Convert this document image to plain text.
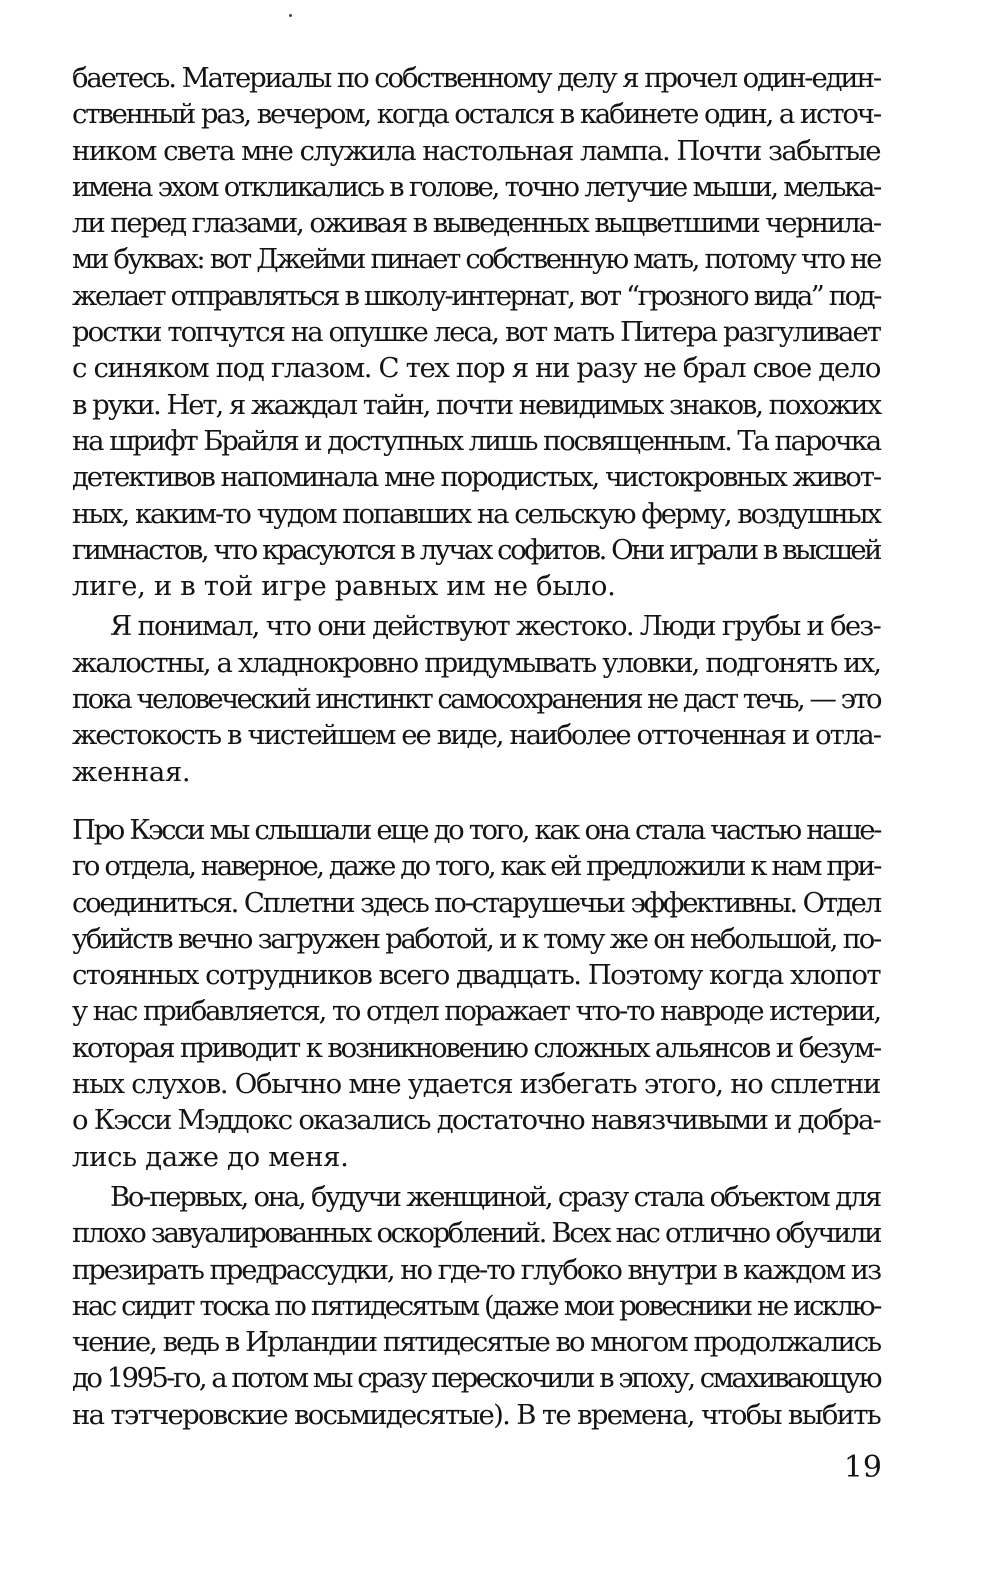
баетесь. Материалы по собственному делу я прочел один-един-
ственный раз, вечером, когда остался в кабинете один, а источ-
ником света мне служила настольная лампа. Почти забытые
имена эхом откликались в голове, точно летучие мыши, мелька-
ли перед глазами, оживая в выведенных выцветшими чернила-
ми буквах: вот Джейми пинает собственную мать, потому что не
желает отправляться в школу-интернат, вот “грозного вида” под-
ростки топчутся на опушке леса, вот мать Питера разгуливает
с синяком под глазом. С тех пор я ни разу не брал свое дело
в руки. Нет, я жаждал тайн, почти невидимых знаков, похожих
на шрифт Брайля и доступных лишь посвященным. Та парочка
детективов напоминала мне породистых, чистокровных живот-
ных, каким-то чудом попавших на сельскую ферму, воздушных
гимнастов, что красуются в лучах софитов. Они играли в высшей
лиге, и в той игре равных им не было.
Я понимал, что они действуют жестоко. Люди грубы и без-
жалостны, а хладнокровно придумывать уловки, подгонять их,
пока человеческий инстинкт самосохранения не даст течь, — это
жестокость в чистейшем ее виде, наиболее отточенная и отла-
женная.
Про Кэсси мы слышали еще до того, как она стала частью наше-
го отдела, наверное, даже до того, как ей предложили к нам при-
соединиться. Сплетни здесь по-старушечьи эффективны. Отдел
убийств вечно загружен работой, и к тому же он небольшой, по-
стоянных сотрудников всего двадцать. Поэтому когда хлопот
у нас прибавляется, то отдел поражает что-то навроде истерии,
которая приводит к возникновению сложных альянсов и безум-
ных слухов. Обычно мне удается избегать этого, но сплетни
о Кэсси Мэддокс оказались достаточно навязчивыми и добра-
лись даже до меня.
Во-первых, она, будучи женщиной, сразу стала объектом для
плохо завуалированных оскорблений. Всех нас отлично обучили
презирать предрассудки, но где-то глубоко внутри в каждом из
нас сидит тоска по пятидесятым (даже мои ровесники не исклю-
чение, ведь в Ирландии пятидесятые во многом продолжались
до 1995-го, а потом мы сразу перескочили в эпоху, смахивающую
на тэтчеровские восьмидесятые). В те времена, чтобы выбить
19
